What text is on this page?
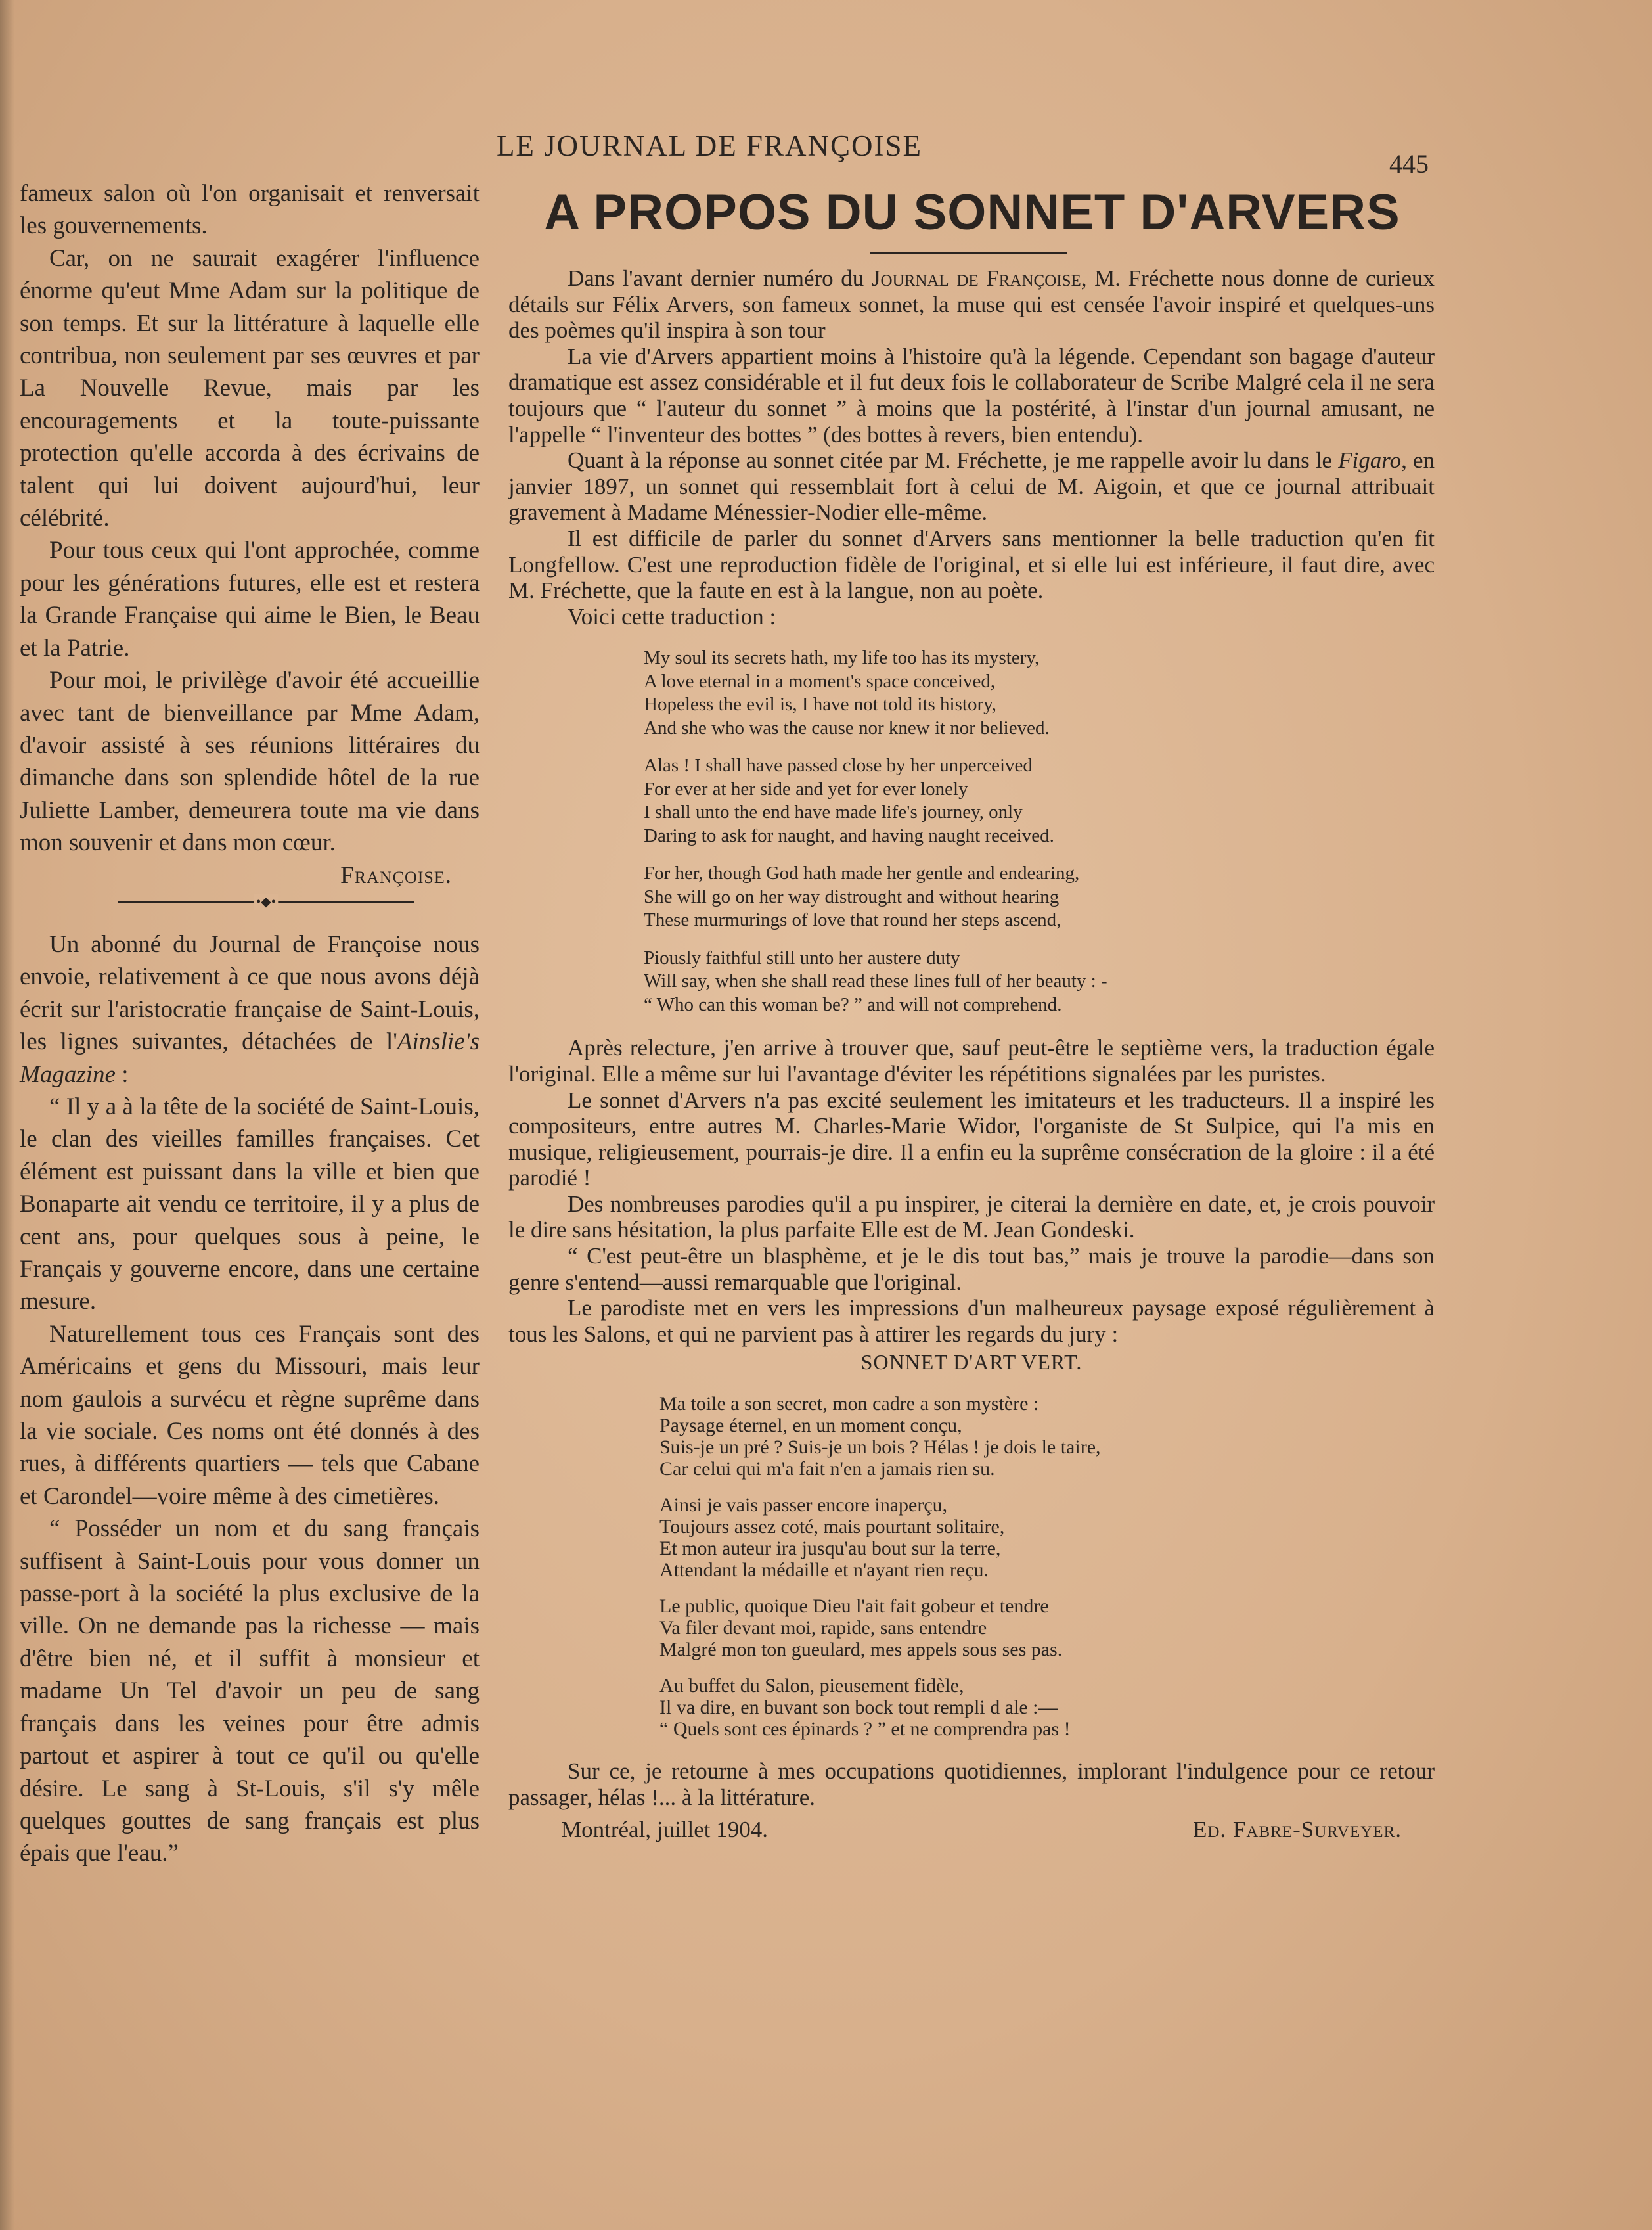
LE JOURNAL DE FRANÇOISE
445

fameux salon où l'on organisait et renversait les gouvernements.

Car, on ne saurait exagérer l'influence énorme qu'eut Mme Adam sur la politique de son temps. Et sur la littérature à laquelle elle contribua, non seulement par ses œuvres et par La Nouvelle Revue, mais par les encouragements et la toute-puissante protection qu'elle accorda à des écrivains de talent qui lui doivent aujourd'hui, leur célébrité.

Pour tous ceux qui l'ont approchée, comme pour les générations futures, elle est et restera la Grande Française qui aime le Bien, le Beau et la Patrie.

Pour moi, le privilège d'avoir été accueillie avec tant de bienveillance par Mme Adam, d'avoir assisté à ses réunions littéraires du dimanche dans son splendide hôtel de la rue Juliette Lamber, demeurera toute ma vie dans mon souvenir et dans mon cœur.

Françoise.

•◆•

Un abonné du Journal de Françoise nous envoie, relativement à ce que nous avons déjà écrit sur l'aristocratie française de Saint-Louis, les lignes suivantes, détachées de l'Ainslie's Magazine :

“ Il y a à la tête de la société de Saint-Louis, le clan des vieilles familles françaises. Cet élément est puissant dans la ville et bien que Bonaparte ait vendu ce territoire, il y a plus de cent ans, pour quelques sous à peine, le Français y gouverne encore, dans une certaine mesure.

Naturellement tous ces Français sont des Américains et gens du Missouri, mais leur nom gaulois a survécu et règne suprême dans la vie sociale. Ces noms ont été donnés à des rues, à différents quartiers — tels que Cabane et Carondel—voire même à des cimetières.

“ Posséder un nom et du sang français suffisent à Saint-Louis pour vous donner un passe-port à la société la plus exclusive de la ville. On ne demande pas la richesse — mais d'être bien né, et il suffit à monsieur et madame Un Tel d'avoir un peu de sang français dans les veines pour être admis partout et aspirer à tout ce qu'il ou qu'elle désire. Le sang à St-Louis, s'il s'y mêle quelques gouttes de sang français est plus épais que l'eau.”

A PROPOS DU SONNET D'ARVERS

Dans l'avant dernier numéro du Journal de Françoise, M. Fréchette nous donne de curieux détails sur Félix Arvers, son fameux sonnet, la muse qui est censée l'avoir inspiré et quelques-uns des poèmes qu'il inspira à son tour

La vie d'Arvers appartient moins à l'histoire qu'à la légende. Cependant son bagage d'auteur dramatique est assez considérable et il fut deux fois le collaborateur de Scribe Malgré cela il ne sera toujours que “ l'auteur du sonnet ” à moins que la postérité, à l'instar d'un journal amusant, ne l'appelle “ l'inventeur des bottes ” (des bottes à revers, bien entendu).

Quant à la réponse au sonnet citée par M. Fréchette, je me rappelle avoir lu dans le Figaro, en janvier 1897, un sonnet qui ressemblait fort à celui de M. Aigoin, et que ce journal attribuait gravement à Madame Ménessier-Nodier elle-même.

Il est difficile de parler du sonnet d'Arvers sans mentionner la belle traduction qu'en fit Longfellow. C'est une reproduction fidèle de l'original, et si elle lui est inférieure, il faut dire, avec M. Fréchette, que la faute en est à la langue, non au poète.

Voici cette traduction :

My soul its secrets hath, my life too has its mystery,
A love eternal in a moment's space conceived,
Hopeless the evil is, I have not told its history,
And she who was the cause nor knew it nor believed.
Alas ! I shall have passed close by her unperceived
For ever at her side and yet for ever lonely
I shall unto the end have made life's journey, only
Daring to ask for naught, and having naught received.
For her, though God hath made her gentle and endearing,
She will go on her way distrought and without hearing
These murmurings of love that round her steps ascend,
Piously faithful still unto her austere duty
Will say, when she shall read these lines full of her beauty : -
“ Who can this woman be? ” and will not comprehend.

Après relecture, j'en arrive à trouver que, sauf peut-être le septième vers, la traduction égale l'original. Elle a même sur lui l'avantage d'éviter les répétitions signalées par les puristes.

Le sonnet d'Arvers n'a pas excité seulement les imitateurs et les traducteurs. Il a inspiré les compositeurs, entre autres M. Charles-Marie Widor, l'organiste de St Sulpice, qui l'a mis en musique, religieusement, pourrais-je dire. Il a enfin eu la suprême consécration de la gloire : il a été parodié !

Des nombreuses parodies qu'il a pu inspirer, je citerai la dernière en date, et, je crois pouvoir le dire sans hésitation, la plus parfaite Elle est de M. Jean Gondeski.

“ C'est peut-être un blasphème, et je le dis tout bas,” mais je trouve la parodie—dans son genre s'entend—aussi remarquable que l'original.

Le parodiste met en vers les impressions d'un malheureux paysage exposé régulièrement à tous les Salons, et qui ne parvient pas à attirer les regards du jury :

SONNET D'ART VERT.
Ma toile a son secret, mon cadre a son mystère :
Paysage éternel, en un moment conçu,
Suis-je un pré ? Suis-je un bois ? Hélas ! je dois le taire,
Car celui qui m'a fait n'en a jamais rien su.
Ainsi je vais passer encore inaperçu,
Toujours assez coté, mais pourtant solitaire,
Et mon auteur ira jusqu'au bout sur la terre,
Attendant la médaille et n'ayant rien reçu.
Le public, quoique Dieu l'ait fait gobeur et tendre
Va filer devant moi, rapide, sans entendre
Malgré mon ton gueulard, mes appels sous ses pas.
Au buffet du Salon, pieusement fidèle,
Il va dire, en buvant son bock tout rempli d ale :—
“ Quels sont ces épinards ? ” et ne comprendra pas !

Sur ce, je retourne à mes occupations quotidiennes, implorant l'indulgence pour ce retour passager, hélas !... à la littérature.

Montréal, juillet 1904.	Ed. Fabre-Surveyer.
